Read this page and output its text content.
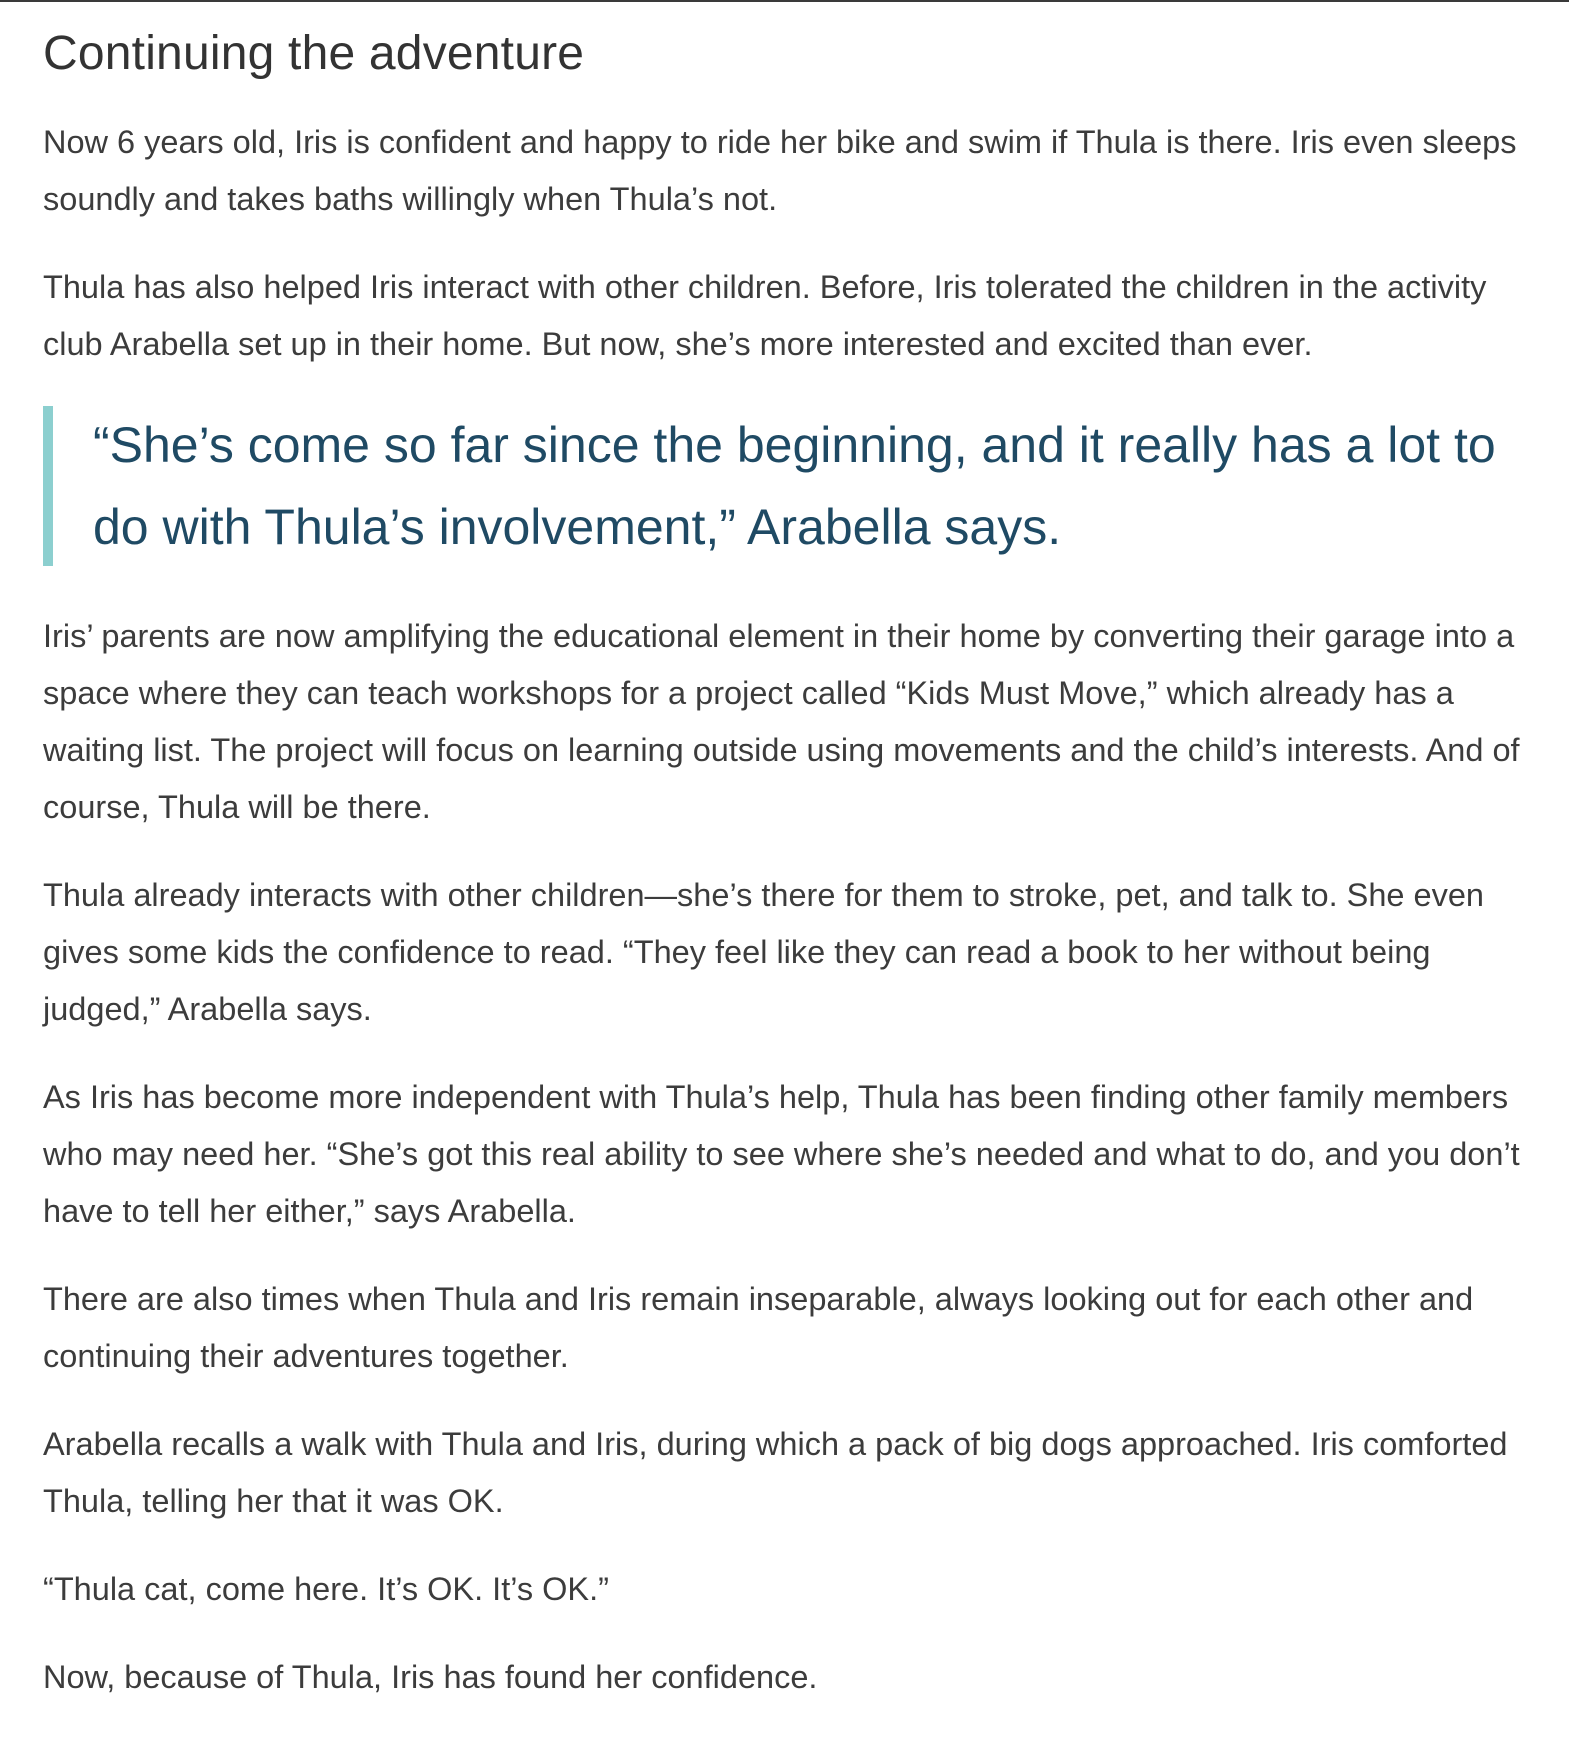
Continuing the adventure

Now 6 years old, Iris is confident and happy to ride her bike and swim if Thula is there. Iris even sleeps soundly and takes baths willingly when Thula’s not.

Thula has also helped Iris interact with other children. Before, Iris tolerated the children in the activity club Arabella set up in their home. But now, she’s more interested and excited than ever.

“She’s come so far since the beginning, and it really has a lot to do with Thula’s involvement,” Arabella says.

Iris’ parents are now amplifying the educational element in their home by converting their garage into a space where they can teach workshops for a project called “Kids Must Move,” which already has a waiting list. The project will focus on learning outside using movements and the child’s interests. And of course, Thula will be there.

Thula already interacts with other children—she’s there for them to stroke, pet, and talk to. She even gives some kids the confidence to read. “They feel like they can read a book to her without being judged,” Arabella says.

As Iris has become more independent with Thula’s help, Thula has been finding other family members who may need her. “She’s got this real ability to see where she’s needed and what to do, and you don’t have to tell her either,” says Arabella.

There are also times when Thula and Iris remain inseparable, always looking out for each other and continuing their adventures together.

Arabella recalls a walk with Thula and Iris, during which a pack of big dogs approached. Iris comforted Thula, telling her that it was OK.

“Thula cat, come here. It’s OK. It’s OK.”

Now, because of Thula, Iris has found her confidence.
